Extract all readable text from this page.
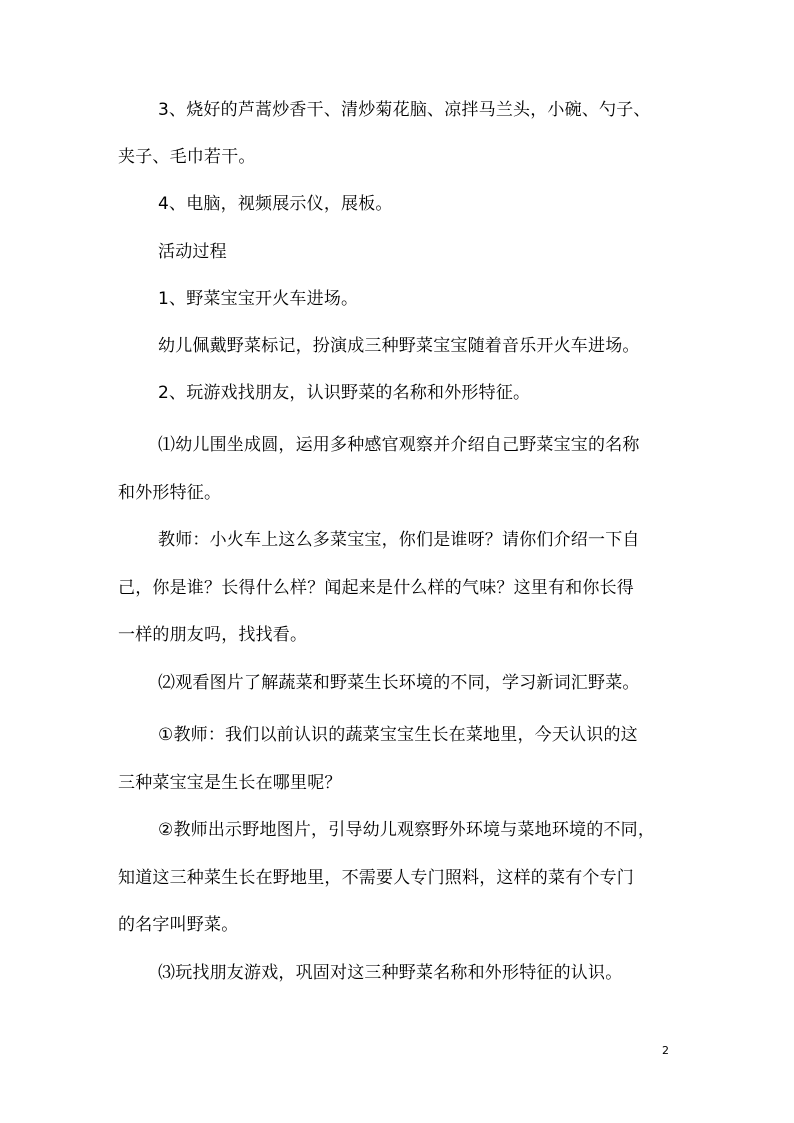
3、烧好的芦蒿炒香干、清炒菊花脑、凉拌马兰头，小碗、勺子、
夹子、毛巾若干。
4、电脑，视频展示仪，展板。
活动过程
1、野菜宝宝开火车进场。
幼儿佩戴野菜标记，扮演成三种野菜宝宝随着音乐开火车进场。
2、玩游戏找朋友，认识野菜的名称和外形特征。
⑴幼儿围坐成圆，运用多种感官观察并介绍自己野菜宝宝的名称
和外形特征。
教师：小火车上这么多菜宝宝，你们是谁呀？请你们介绍一下自
己，你是谁？长得什么样？闻起来是什么样的气味？这里有和你长得
一样的朋友吗，找找看。
⑵观看图片了解蔬菜和野菜生长环境的不同，学习新词汇野菜。
①教师：我们以前认识的蔬菜宝宝生长在菜地里，今天认识的这
三种菜宝宝是生长在哪里呢？
②教师出示野地图片，引导幼儿观察野外环境与菜地环境的不同，
知道这三种菜生长在野地里，不需要人专门照料，这样的菜有个专门
的名字叫野菜。
⑶玩找朋友游戏，巩固对这三种野菜名称和外形特征的认识。
2
